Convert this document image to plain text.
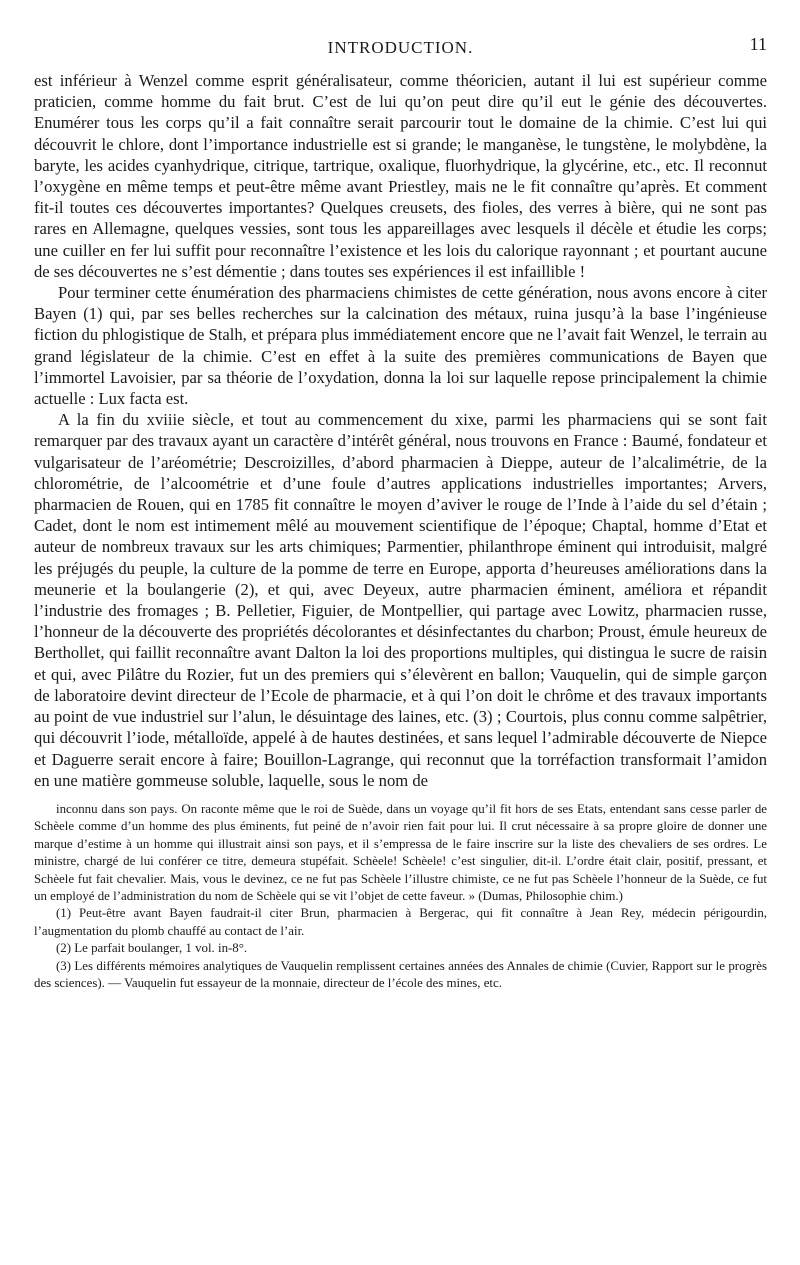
INTRODUCTION.	11

est inférieur à Wenzel comme esprit généralisateur, comme théoricien, autant il lui est supérieur comme praticien, comme homme du fait brut. C’est de lui qu’on peut dire qu’il eut le génie des découvertes. Enumérer tous les corps qu’il a fait connaître serait parcourir tout le domaine de la chimie. C’est lui qui découvrit le chlore, dont l’importance industrielle est si grande; le manganèse, le tungstène, le molybdène, la baryte, les acides cyanhydrique, citrique, tartrique, oxalique, fluorhydrique, la glycérine, etc., etc. Il reconnut l’oxygène en même temps et peut-être même avant Priestley, mais ne le fit connaître qu’après. Et comment fit-il toutes ces découvertes importantes? Quelques creusets, des fioles, des verres à bière, qui ne sont pas rares en Allemagne, quelques vessies, sont tous les appareillages avec lesquels il décèle et étudie les corps; une cuiller en fer lui suffit pour reconnaître l’existence et les lois du calorique rayonnant ; et pourtant aucune de ses découvertes ne s’est démentie ; dans toutes ses expériences il est infaillible !

Pour terminer cette énumération des pharmaciens chimistes de cette génération, nous avons encore à citer Bayen (1) qui, par ses belles recherches sur la calcination des métaux, ruina jusqu’à la base l’ingénieuse fiction du phlogistique de Stalh, et prépara plus immédiatement encore que ne l’avait fait Wenzel, le terrain au grand législateur de la chimie. C’est en effet à la suite des premières communications de Bayen que l’immortel Lavoisier, par sa théorie de l’oxydation, donna la loi sur laquelle repose principalement la chimie actuelle : Lux facta est.

A la fin du xviiie siècle, et tout au commencement du xixe, parmi les pharmaciens qui se sont fait remarquer par des travaux ayant un caractère d’intérêt général, nous trouvons en France : Baumé, fondateur et vulgarisateur de l’aréométrie; Descroizilles, d’abord pharmacien à Dieppe, auteur de l’alcalimétrie, de la chlorométrie, de l’alcoométrie et d’une foule d’autres applications industrielles importantes; Arvers, pharmacien de Rouen, qui en 1785 fit connaître le moyen d’aviver le rouge de l’Inde à l’aide du sel d’étain ; Cadet, dont le nom est intimement mêlé au mouvement scientifique de l’époque; Chaptal, homme d’Etat et auteur de nombreux travaux sur les arts chimiques; Parmentier, philanthrope éminent qui introduisit, malgré les préjugés du peuple, la culture de la pomme de terre en Europe, apporta d’heureuses améliorations dans la meunerie et la boulangerie (2), et qui, avec Deyeux, autre pharmacien éminent, améliora et répandit l’industrie des fromages ; B. Pelletier, Figuier, de Montpellier, qui partage avec Lowitz, pharmacien russe, l’honneur de la découverte des propriétés décolorantes et désinfectantes du charbon; Proust, émule heureux de Berthollet, qui faillit reconnaître avant Dalton la loi des proportions multiples, qui distingua le sucre de raisin et qui, avec Pilâtre du Rozier, fut un des premiers qui s’élevèrent en ballon; Vauquelin, qui de simple garçon de laboratoire devint directeur de l’Ecole de pharmacie, et à qui l’on doit le chrôme et des travaux importants au point de vue industriel sur l’alun, le désuintage des laines, etc. (3) ; Courtois, plus connu comme salpêtrier, qui découvrit l’iode, métalloïde, appelé à de hautes destinées, et sans lequel l’admirable découverte de Niepce et Daguerre serait encore à faire; Bouillon-Lagrange, qui reconnut que la torréfaction transformait l’amidon en une matière gommeuse soluble, laquelle, sous le nom de

inconnu dans son pays. On raconte même que le roi de Suède, dans un voyage qu’il fit hors de ses Etats, entendant sans cesse parler de Schèele comme d’un homme des plus éminents, fut peiné de n’avoir rien fait pour lui. Il crut nécessaire à sa propre gloire de donner une marque d’estime à un homme qui illustrait ainsi son pays, et il s’empressa de le faire inscrire sur la liste des chevaliers de ses ordres. Le ministre, chargé de lui conférer ce titre, demeura stupéfait. Schèele! Schèele! c’est singulier, dit-il. L’ordre était clair, positif, pressant, et Schèele fut fait chevalier. Mais, vous le devinez, ce ne fut pas Schèele l’illustre chimiste, ce ne fut pas Schèele l’honneur de la Suède, ce fut un employé de l’administration du nom de Schèele qui se vit l’objet de cette faveur. » (Dumas, Philosophie chim.)

(1) Peut-être avant Bayen faudrait-il citer Brun, pharmacien à Bergerac, qui fit connaître à Jean Rey, médecin périgourdin, l’augmentation du plomb chauffé au contact de l’air.

(2) Le parfait boulanger, 1 vol. in-8°.

(3) Les différents mémoires analytiques de Vauquelin remplissent certaines années des Annales de chimie (Cuvier, Rapport sur le progrès des sciences). — Vauquelin fut essayeur de la monnaie, directeur de l’école des mines, etc.
